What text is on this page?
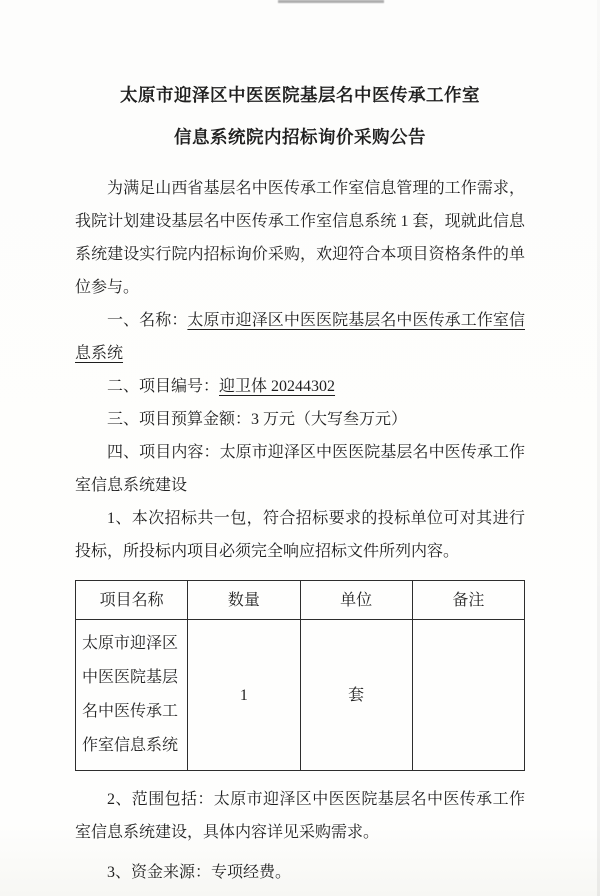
太原市迎泽区中医医院基层名中医传承工作室
信息系统院内招标询价采购公告

为满足山西省基层名中医传承工作室信息管理的工作需求，我院计划建设基层名中医传承工作室信息系统 1 套，现就此信息系统建设实行院内招标询价采购，欢迎符合本项目资格条件的单位参与。

一、名称：太原市迎泽区中医医院基层名中医传承工作室信息系统

二、项目编号：迎卫体 20244302

三、项目预算金额：3 万元（大写叁万元）

四、项目内容：太原市迎泽区中医医院基层名中医传承工作室信息系统建设

1、本次招标共一包，符合招标要求的投标单位可对其进行投标，所投标内项目必须完全响应招标文件所列内容。

项目名称	数量	单位	备注
太原市迎泽区中医医院基层名中医传承工作室信息系统	1	套	

2、范围包括：太原市迎泽区中医医院基层名中医传承工作室信息系统建设，具体内容详见采购需求。

3、资金来源：专项经费。
